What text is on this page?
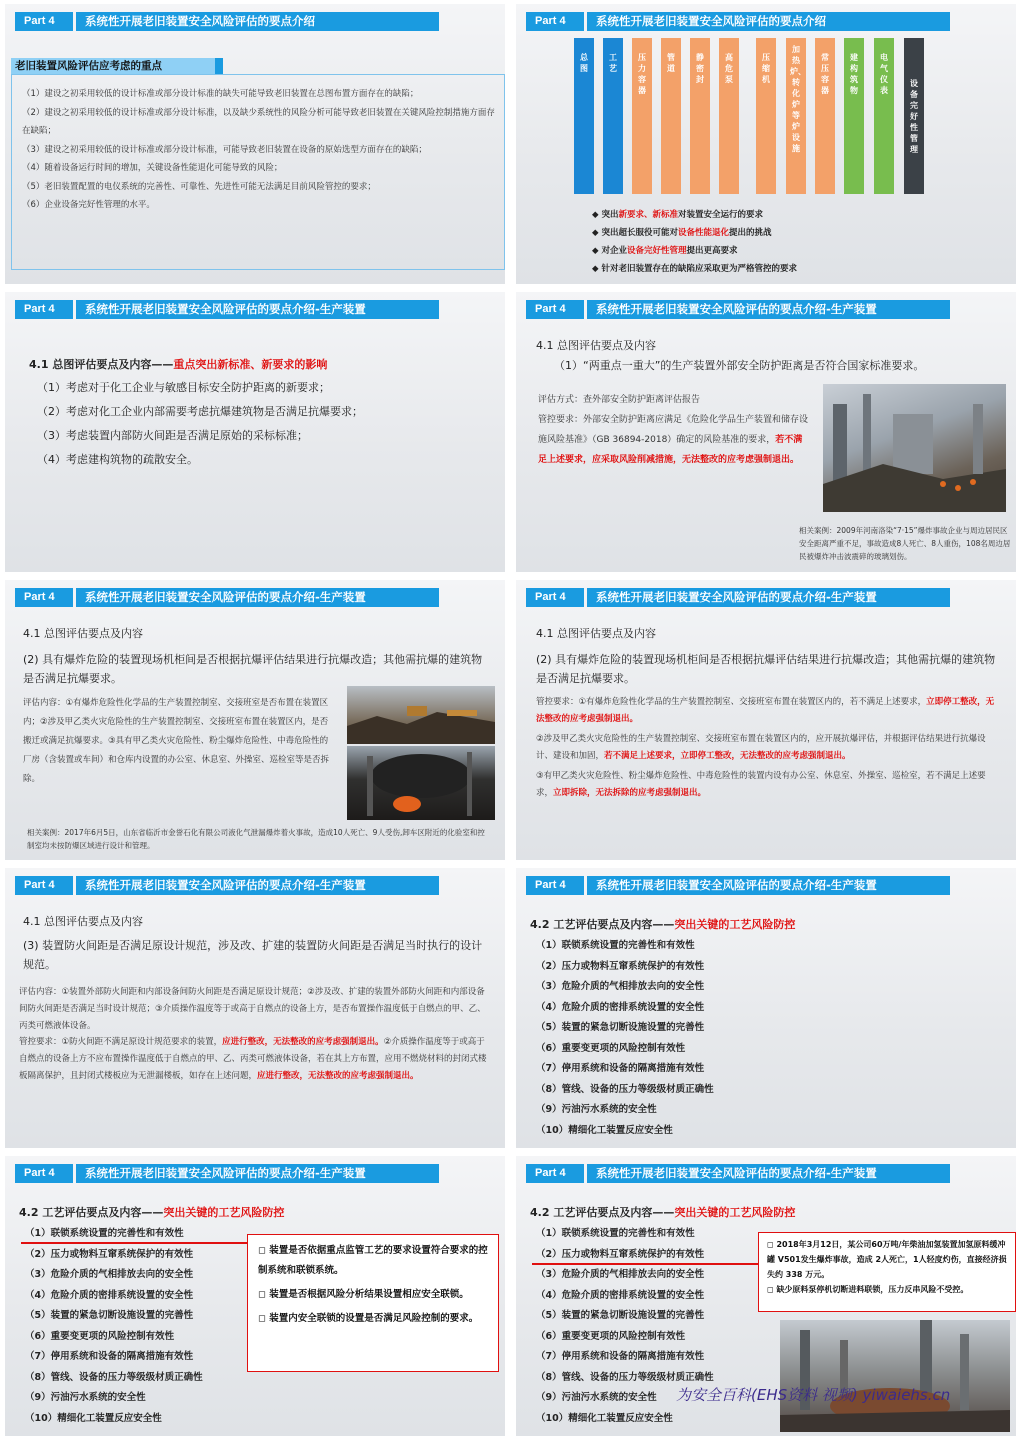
Part 4	系统性开展老旧装置安全风险评估的要点介绍
老旧装置风险评估应考虑的重点
（1）建设之初采用较低的设计标准或部分设计标准的缺失可能导致老旧装置在总图布置方面存在的缺陷；
（2）建设之初采用较低的设计标准或部分设计标准，以及缺少系统性的风险分析可能导致老旧装置在关键风险控制措施方面存在缺陷；
（3）建设之初采用较低的设计标准或部分设计标准，可能导致老旧装置在设备的原始选型方面存在的缺陷；
（4）随着设备运行时间的增加，关键设备性能退化可能导致的风险；
（5）老旧装置配置的电仪系统的完善性、可靠性、先进性可能无法满足目前风险管控的要求；
（6）企业设备完好性管理的水平。
Part 4	系统性开展老旧装置安全风险评估的要点介绍
总图
工艺
压力容器
管道
静密封
高危泵
压缩机
加热炉、转化炉等炉设施
常压容器
建构筑物
电气仪表
设备完好性管理
◆ 突出新要求、新标准对装置安全运行的要求
◆ 突出超长服役可能对设备性能退化提出的挑战
◆ 对企业设备完好性管理提出更高要求
◆ 针对老旧装置存在的缺陷应采取更为严格管控的要求
Part 4	系统性开展老旧装置安全风险评估的要点介绍-生产装置
4.1 总图评估要点及内容——重点突出新标准、新要求的影响
（1）考虑对于化工企业与敏感目标安全防护距离的新要求；
（2）考虑对化工企业内部需要考虑抗爆建筑物是否满足抗爆要求；
（3）考虑装置内部防火间距是否满足原始的采标标准；
（4）考虑建构筑物的疏散安全。
Part 4	系统性开展老旧装置安全风险评估的要点介绍-生产装置
4.1 总图评估要点及内容
（1）“两重点一重大”的生产装置外部安全防护距离是否符合国家标准要求。
评估方式：查外部安全防护距离评估报告
管控要求：外部安全防护距离应满足《危险化学品生产装置和储存设施风险基准》（GB 36894-2018）确定的风险基准的要求，若不满足上述要求，应采取风险削减措施，无法整改的应考虑强制退出。
相关案例：2009年河南洛染“7·15”爆炸事故企业与周边居民区安全距离严重不足，事故造成8人死亡、8人重伤，108名周边居民被爆炸冲击波震碎的玻璃划伤。
Part 4	系统性开展老旧装置安全风险评估的要点介绍-生产装置
4.1 总图评估要点及内容
(2) 具有爆炸危险的装置现场机柜间是否根据抗爆评估结果进行抗爆改造；其他需抗爆的建筑物是否满足抗爆要求。
评估内容：①有爆炸危险性化学品的生产装置控制室、交接班室是否布置在装置区内；②涉及甲乙类火灾危险性的生产装置控制室、交接班室布置在装置区内，是否搬迁或满足抗爆要求。③具有甲乙类火灾危险性、粉尘爆炸危险性、中毒危险性的厂房（含装置或车间）和仓库内设置的办公室、休息室、外操室、巡检室等是否拆除。
相关案例：2017年6月5日，山东省临沂市金誉石化有限公司液化气泄漏爆炸着火事故，造成10人死亡、9人受伤,卸车区附近的化验室和控制室均未按防爆区域进行设计和管理。
Part 4	系统性开展老旧装置安全风险评估的要点介绍-生产装置
4.1 总图评估要点及内容
(2) 具有爆炸危险的装置现场机柜间是否根据抗爆评估结果进行抗爆改造；其他需抗爆的建筑物是否满足抗爆要求。
管控要求：①有爆炸危险性化学品的生产装置控制室、交接班室布置在装置区内的，若不满足上述要求，立即停工整改，无法整改的应考虑强制退出。
②涉及甲乙类火灾危险性的生产装置控制室、交接班室布置在装置区内的，应开展抗爆评估，并根据评估结果进行抗爆设计、建设和加固，若不满足上述要求，立即停工整改，无法整改的应考虑强制退出。
③有甲乙类火灾危险性、粉尘爆炸危险性、中毒危险性的装置内设有办公室、休息室、外操室、巡检室，若不满足上述要求，立即拆除，无法拆除的应考虑强制退出。
Part 4	系统性开展老旧装置安全风险评估的要点介绍-生产装置
4.1 总图评估要点及内容
(3) 装置防火间距是否满足原设计规范，涉及改、扩建的装置防火间距是否满足当时执行的设计规范。
评估内容：①装置外部防火间距和内部设备间防火间距是否满足原设计规范；②涉及改、扩建的装置外部防火间距和内部设备间防火间距是否满足当时设计规范；③介质操作温度等于或高于自燃点的设备上方，是否布置操作温度低于自燃点的甲、乙、丙类可燃液体设备。
管控要求：①防火间距不满足原设计规范要求的装置，应进行整改，无法整改的应考虑强制退出。②介质操作温度等于或高于自燃点的设备上方不应布置操作温度低于自燃点的甲、乙、丙类可燃液体设备，若在其上方布置，应用不燃烧材料的封闭式楼板隔离保护，且封闭式楼板应为无泄漏楼板，如存在上述问题，应进行整改，无法整改的应考虑强制退出。
Part 4	系统性开展老旧装置安全风险评估的要点介绍-生产装置
4.2 工艺评估要点及内容——突出关键的工艺风险防控
（1）联锁系统设置的完善性和有效性
（2）压力或物料互窜系统保护的有效性
（3）危险介质的气相排放去向的安全性
（4）危险介质的密排系统设置的安全性
（5）装置的紧急切断设施设置的完善性
（6）重要变更项的风险控制有效性
（7）停用系统和设备的隔离措施有效性
（8）管线、设备的压力等级级材质正确性
（9）污油污水系统的安全性
（10）精细化工装置反应安全性
Part 4	系统性开展老旧装置安全风险评估的要点介绍-生产装置
4.2 工艺评估要点及内容——突出关键的工艺风险防控
（1）联锁系统设置的完善性和有效性
（2）压力或物料互窜系统保护的有效性
（3）危险介质的气相排放去向的安全性
（4）危险介质的密排系统设置的安全性
（5）装置的紧急切断设施设置的完善性
（6）重要变更项的风险控制有效性
（7）停用系统和设备的隔离措施有效性
（8）管线、设备的压力等级级材质正确性
（9）污油污水系统的安全性
（10）精细化工装置反应安全性
◻ 装置是否依据重点监管工艺的要求设置符合要求的控制系统和联锁系统。
◻ 装置是否根据风险分析结果设置相应安全联锁。
◻ 装置内安全联锁的设置是否满足风险控制的要求。
Part 4	系统性开展老旧装置安全风险评估的要点介绍-生产装置
4.2 工艺评估要点及内容——突出关键的工艺风险防控
（1）联锁系统设置的完善性和有效性
（2）压力或物料互窜系统保护的有效性
（3）危险介质的气相排放去向的安全性
（4）危险介质的密排系统设置的安全性
（5）装置的紧急切断设施设置的完善性
（6）重要变更项的风险控制有效性
（7）停用系统和设备的隔离措施有效性
（8）管线、设备的压力等级级材质正确性
（9）污油污水系统的安全性
（10）精细化工装置反应安全性
◻ 2018年3月12日，某公司60万吨/年柴油加氢装置加氢原料缓冲罐 V501发生爆炸事故，造成 2人死亡，1人轻度灼伤，直接经济损失约 338 万元。
◻ 缺少原料泵停机切断进料联锁，压力反串风险不受控。
为安全百科(EHS资料 视频) yiwaiehs.cn
